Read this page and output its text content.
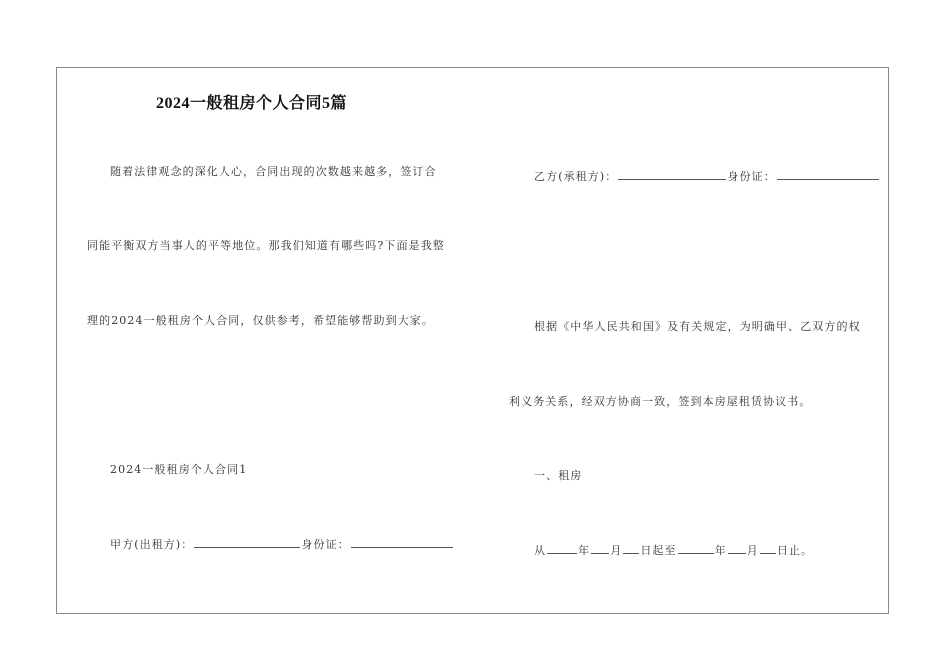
2024一般租房个人合同5篇
随着法律观念的深化人心，合同出现的次数越来越多，签订合
同能平衡双方当事人的平等地位。那我们知道有哪些吗?下面是我整
理的2024一般租房个人合同，仅供参考，希望能够帮助到大家。
2024一般租房个人合同1
甲方(出租方)：	身份证：
乙方(承租方)：	身份证：
根据《中华人民共和国》及有关规定，为明确甲、乙双方的权
利义务关系，经双方协商一致，签到本房屋租赁协议书。
一、租房
从	年 月 日起至	年 月 日止。
